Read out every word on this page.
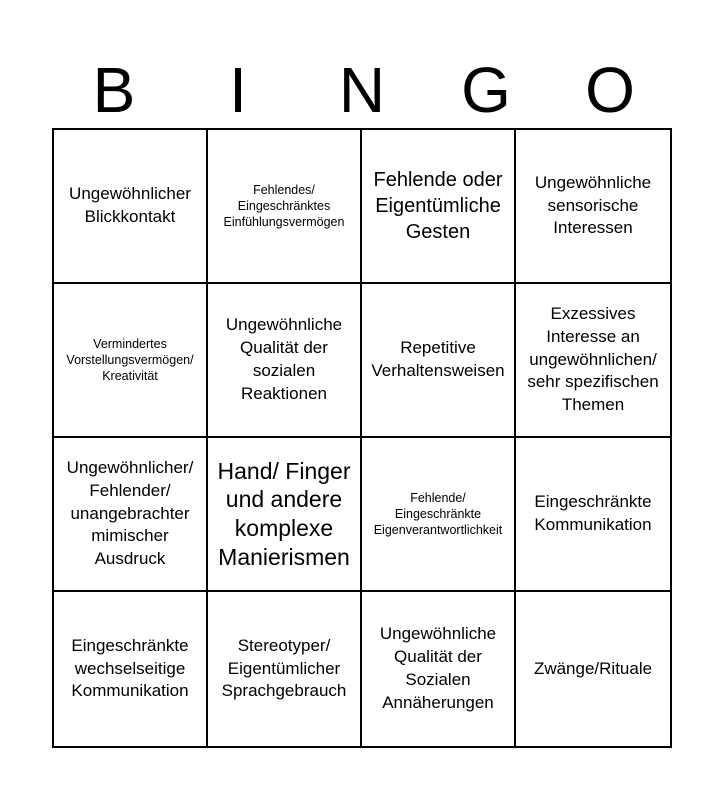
B	I	N	G	O
Ungewöhnlicher Blickkontakt
Fehlendes/ Eingeschränktes Einfühlungsvermögen
Fehlende oder Eigentümliche Gesten
Ungewöhnliche sensorische Interessen
Vermindertes Vorstellungsvermögen/ Kreativität
Ungewöhnliche Qualität der sozialen Reaktionen
Repetitive Verhaltensweisen
Exzessives Interesse an ungewöhnlichen/ sehr spezifischen Themen
Ungewöhnlicher/ Fehlender/ unangebrachter mimischer Ausdruck
Hand/ Finger und andere komplexe Manierismen
Fehlende/ Eingeschränkte Eigenverantwortlichkeit
Eingeschränkte Kommunikation
Eingeschränkte wechselseitige Kommunikation
Stereotyper/ Eigentümlicher Sprachgebrauch
Ungewöhnliche Qualität der Sozialen Annäherungen
Zwänge/Rituale
